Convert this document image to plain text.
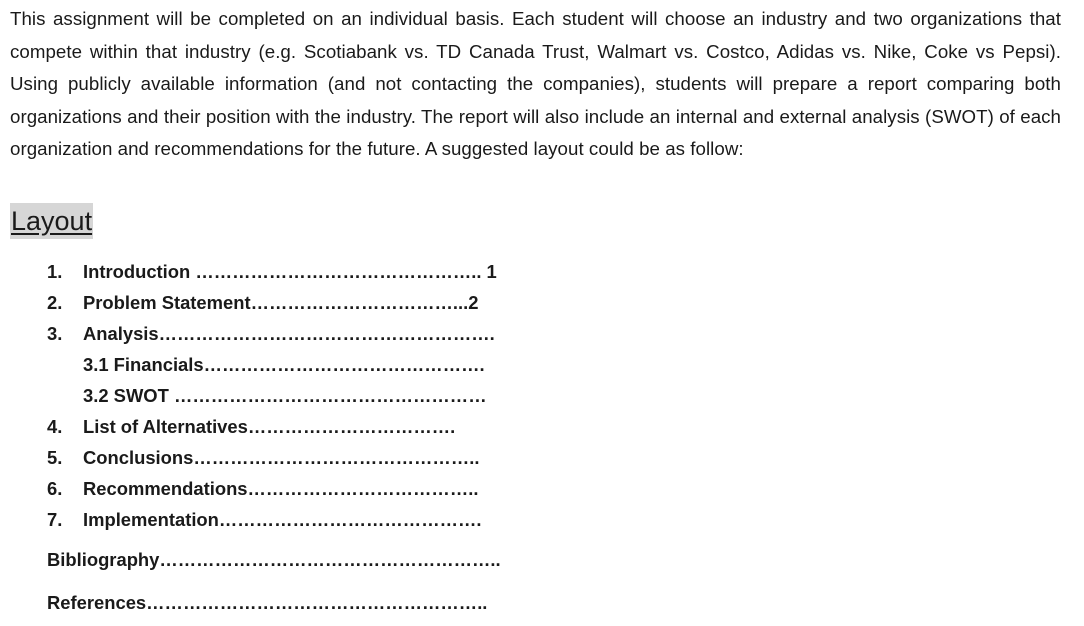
This assignment will be completed on an individual basis. Each student will choose an industry and two organizations that compete within that industry (e.g. Scotiabank vs. TD Canada Trust, Walmart vs. Costco, Adidas vs. Nike, Coke vs Pepsi). Using publicly available information (and not contacting the companies), students will prepare a report comparing both organizations and their position with the industry. The report will also include an internal and external analysis (SWOT) of each organization and recommendations for the future. A suggested layout could be as follow:

Layout
1. Introduction ……………………………………….. 1
2. Problem Statement……………………………...2
3. Analysis……………………………………………….
3.1 Financials……………………………………….
3.2 SWOT ……………………………………………
4. List of Alternatives…………………………….
5. Conclusions………………………………………..
6. Recommendations………………………………..
7. Implementation…………………………………….
Bibliography………………………………………………..
References………………………………………………..
